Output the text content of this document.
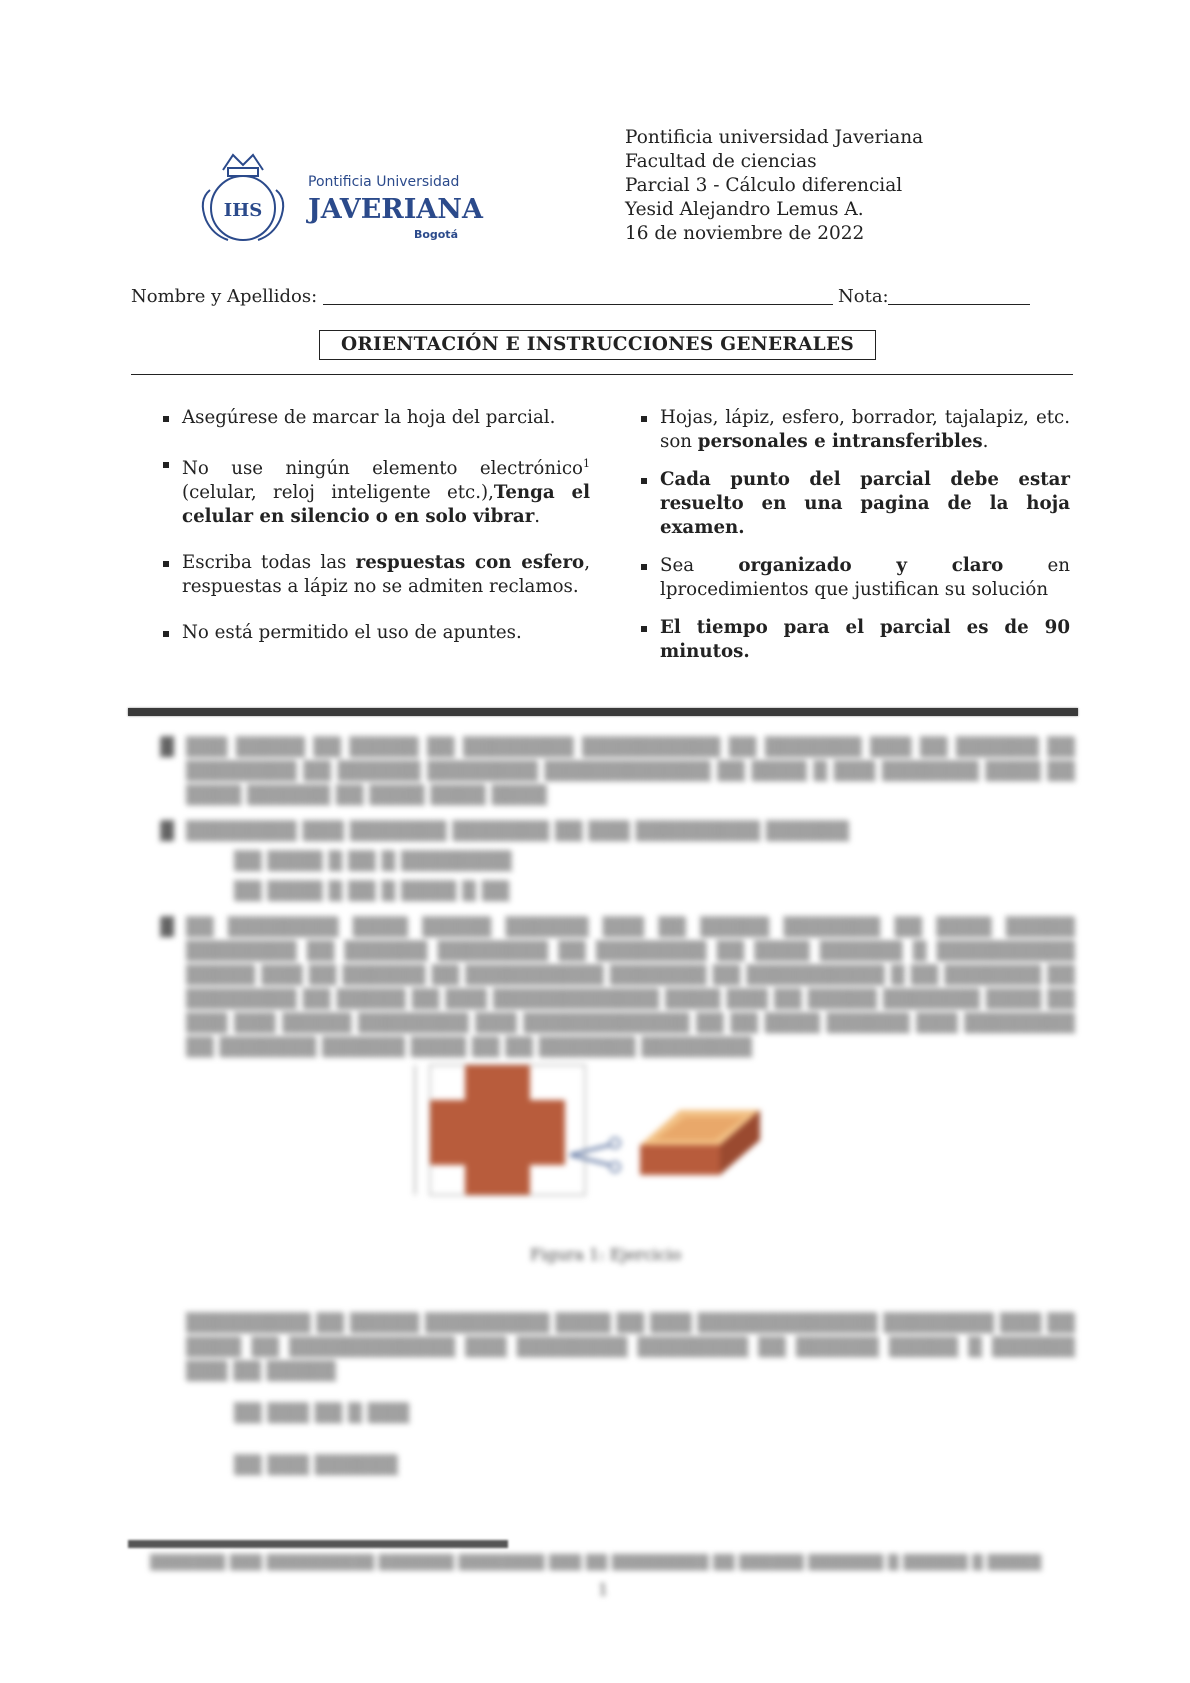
IHS
Pontificia Universidad
JAVERIANA
Bogotá
Pontificia universidad Javeriana
Facultad de ciencias
Parcial 3 - Cálculo diferencial
Yesid Alejandro Lemus A.
16 de noviembre de 2022
Nombre y Apellidos:	Nota:
ORIENTACIÓN E INSTRUCCIONES GENERALES
Asegúrese de marcar la hoja del parcial.
No use ningún elemento electrónico$^1$ (celular, reloj inteligente etc.),Tenga el celular en silencio o en solo vibrar.
Escriba todas las respuestas con esfero, respuestas a lápiz no se admiten reclamos.
No está permitido el uso de apuntes.
Hojas, lápiz, esfero, borrador, tajalapiz, etc. son personales e intransferibles.
Cada punto del parcial debe estar resuelto en una pagina de la hoja examen.
Sea organizado y claro en lprocedimientos que justifican su solución
El tiempo para el parcial es de 90 minutos.
▓ ▒▒▒ ▒▒▒▒▒ ▒▒ ▒▒▒▒▒ ▒▒ ▒▒▒▒▒▒▒▒ ▒▒▒▒▒▒▒▒▒▒ ▒▒ ▒▒▒▒▒▒▒ ▒▒▒ ▒▒ ▒▒▒▒▒▒ ▒▒ ▒▒▒▒▒▒▒▒ ▒▒ ▒▒▒▒▒▒ ▒▒▒▒▒▒▒▒ ▒▒▒▒▒▒▒▒▒▒▒▒ ▒▒ ▒▒▒▒ ▒ ▒▒▒ ▒▒▒▒▒▒▒ ▒▒▒▒ ▒▒ ▒▒▒▒ ▒▒▒▒▒▒ ▒▒ ▒▒▒▒ ▒▒▒▒ ▒▒▒▒
▓ ▒▒▒▒▒▒▒▒ ▒▒▒ ▒▒▒▒▒▒▒ ▒▒▒▒▒▒▒ ▒▒ ▒▒▒ ▒▒▒▒▒▒▒▒▒ ▒▒▒▒▒▒
▒▒ ▒▒▒▒ ▒ ▒▒ ▒ ▒▒▒▒▒▒▒▒
▒▒ ▒▒▒▒ ▒ ▒▒ ▒ ▒▒▒▒ ▒ ▒▒
▓ ▒▒ ▒▒▒▒▒▒▒▒ ▒▒▒▒ ▒▒▒▒▒ ▒▒▒▒▒▒ ▒▒▒ ▒▒ ▒▒▒▒▒ ▒▒▒▒▒▒▒ ▒▒ ▒▒▒▒ ▒▒▒▒▒ ▒▒▒▒▒▒▒▒ ▒▒ ▒▒▒▒▒▒ ▒▒▒▒▒▒▒▒ ▒▒ ▒▒▒▒▒▒▒▒ ▒▒ ▒▒▒▒ ▒▒▒▒▒▒ ▒ ▒▒▒▒▒▒▒▒▒▒ ▒▒▒▒▒ ▒▒▒ ▒▒ ▒▒▒▒▒▒ ▒▒ ▒▒▒▒▒▒▒▒▒▒ ▒▒▒▒▒▒▒ ▒▒ ▒▒▒▒▒▒▒▒▒▒ ▒ ▒▒ ▒▒▒▒▒▒▒ ▒▒ ▒▒▒▒▒▒▒▒ ▒▒ ▒▒▒▒▒ ▒▒ ▒▒▒ ▒▒▒▒▒▒▒▒▒▒▒▒ ▒▒▒▒ ▒▒▒ ▒▒ ▒▒▒▒▒ ▒▒▒▒▒▒▒ ▒▒▒▒ ▒▒ ▒▒▒ ▒▒▒ ▒▒▒▒▒ ▒▒▒▒▒▒▒▒ ▒▒▒ ▒▒▒▒▒▒▒▒▒▒▒▒ ▒▒ ▒▒ ▒▒▒▒ ▒▒▒▒▒▒ ▒▒▒ ▒▒▒▒▒▒▒▒ ▒▒ ▒▒▒▒▒▒▒ ▒▒▒▒▒▒ ▒▒▒▒ ▒▒ ▒▒ ▒▒▒▒▒▒▒ ▒▒▒▒▒▒▒▒
Figura 1: Ejercicio
▒▒▒▒▒▒▒▒▒ ▒▒ ▒▒▒▒▒ ▒▒▒▒▒▒▒▒▒ ▒▒▒▒ ▒▒ ▒▒▒ ▒▒▒▒▒▒▒▒▒▒▒▒▒ ▒▒▒▒▒▒▒▒ ▒▒▒ ▒▒ ▒▒▒▒ ▒▒ ▒▒▒▒▒▒▒▒▒▒▒▒ ▒▒▒ ▒▒▒▒▒▒▒▒ ▒▒▒▒▒▒▒▒ ▒▒ ▒▒▒▒▒▒ ▒▒▒▒▒ ▒ ▒▒▒▒▒▒ ▒▒▒ ▒▒ ▒▒▒▒▒
▒▒ ▒▒▒ ▒▒ ▒ ▒▒▒
▒▒ ▒▒▒ ▒▒▒▒▒▒
▒▒▒▒▒▒▒ ▒▒▒ ▒▒▒▒▒▒▒▒▒▒ ▒▒▒▒▒▒▒ ▒▒▒▒▒▒▒▒ ▒▒▒ ▒▒ ▒▒▒▒▒▒▒▒▒ ▒▒ ▒▒▒▒▒▒ ▒▒▒▒▒▒▒ ▒ ▒▒▒▒▒▒ ▒ ▒▒▒▒▒
1
